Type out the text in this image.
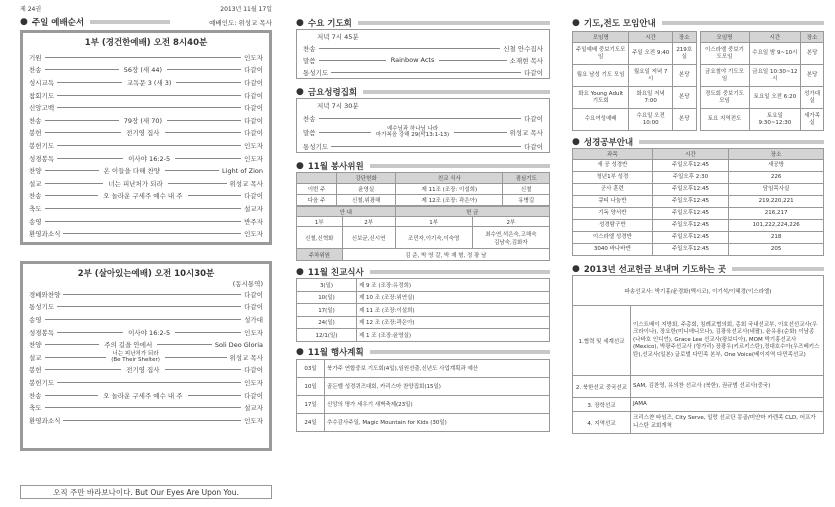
제 24권	2013년 11월 17일
● 주일 예배순서	예배인도: 위성교 목사
1부 (경건한예배) 오전 8시40분
기원	인도자
찬송	56장 (새 44)	다같이
성시교독	교독문 3 (새 3)	다같이
참회기도	다같이
신앙고백	다같이
찬송	79장 (새 70)	다같이
봉헌	전기영 집사	다같이
봉헌기도	인도자
성경봉독	이사야 16:2-5	인도자
찬양	온 이들을 다해 찬양	Light of Zion
설교	너는 피난처가 되라	위성교 목사
찬송	오 놀라운 구세주 예수 내 주	다같이
축도	설교자
송영	반주자
환영과소식	인도자
2부 (살아있는예배) 오전 10시30분
(동시통역)
경배와찬양	다같이
통성기도	다같이
송영	성가대
성경봉독	이사야 16:2-5	인도자
찬양	주의 길을 안에서	Soli Deo Gloria
설교	너는 피난처가 되라
(Be Their Shelter)	위성교 목사
봉헌	전기영 집사	다같이
봉헌기도	인도자
찬송	오 놀라운 구세주 예수 내 주	다같이
축도	설교자
환영과소식	인도자
오직 주만 바라보나이다. But Our Eyes Are Upon You.
● 수요 기도회
저녁 7시 45분
찬송	신철 안수집사
말씀	Rainbow Acts	소재현 목사
통성기도	다같이
● 금요성령집회
저녁 7시 30분
찬송	다같이
말씀	예수님과 하나님 나라
마가복음 강해 29(막13:1-13)	위성교 목사
통성기도	다같이
● 11월 봉사위원
	강단헌화	친교 식사	점심기도
이번 주	윤영실	제 11조 (조장: 이설희)	신철
다음 주	신철,위광해	제 12조 (조장: 곽은아)	유병길
안 내		헌 금	
1부	2부	1부	2부
신철,신혁화	신보균,신시연	조민자,이기숙,이숙영	최수연,석은숙,고해숙
김남숙,김화자

주차위원	김 준, 박 영 갈, 박 재 형, 정 광 남		
● 11월 친교식사
3(일)	제 9 조 (조장:유정희)
10(일)	제 10 조 (조장:위연실)
17(일)	제 11 조 (조장:이설희)
24(일)	제 12 조 (조장:곽은아)
12/1(일)	제 1 조 (조장:윤영실)
● 11월 행사계획
03일	북가주 연합중보 기도회(4일),임원선출,신년도 사업계획과 예산
10일	골든벨 성경퀴즈대회, 카리스마 찬양집회(15일)
17일	신앙의 명가 세우기 새벽축제(23일)
24일	추수감사주일, Magic Mountain for Kids (30일)
● 기도,전도 모임안내
모임명	시간	장소
주일예배 중보기도모임	주일 오전 9:40	219호실
월요 남성 기도 모임	월요일 저녁 7시	본당
화요 Young Adult 기도회	화요일 저녁 7:00	본당
수요여성예배	수요일 오전 10:00	본당
모임명	시간	장소
이스라엘 중보기도모임	수요일 밤 9~10시	본당
금요철야 기도모임	금요일 10:30~12시	본당
경도회 중보기도모임	토요일 오전 6:20	성가대실
토요 지역전도	토요일 9:30~12:30	새가족실
● 성경공부안내
과목	시간	장소
새 공 성경반	주일오후12:45	새공방
청년1부 성경	주일오후 2:30	226
군사 훈련	주일오후12:45	담임목사실
큐티 나눔반	주일오후12:45	219,220,221
기독 양서반	주일오후12:45	216,217
성경탐구반	주일오후12:45	101,222,224,226
이스라엘 성경반	주일오후12:45	218
3040 바나바반	주일오후12:45	205
● 2013년 선교헌금 보내며 기도하는 곳
파송선교사: 박기홍/윤경화(멕시코), 이기석/이혜경(이스라엘)	
1.협력 및 세계선교	이스트베이 지방회, 주총회, 침례교협의회, 총회 국내선교부, 이호선선교사(우크라이나), 장요한(미니애니모나), 김광육선교사(네팔), 윤유용(순화) 이남종(나바호 인디언), Grace Lee 선교사(왕보디아), MOM 박기홍선교사 (Mexico), 박광주선교사 (헝가리) 장광우(키르키스탄),정대호수아(우즈베키스탄),선교사(일본) 글로벌 다민족 본부, One Voice(베이지역 다민족선교)
2. 북한선교 중국선교	SAM, 김찬영, 유의찬 선교사 (북한), 권규범 선교사(중국)
3. 장학선교	JAMA
4. 지역선교	크리스챤 타임즈, City Serve, 일랑 선교단 몽골/미얀마 카렌족 CLD, 어프가니스탄 교회개척
